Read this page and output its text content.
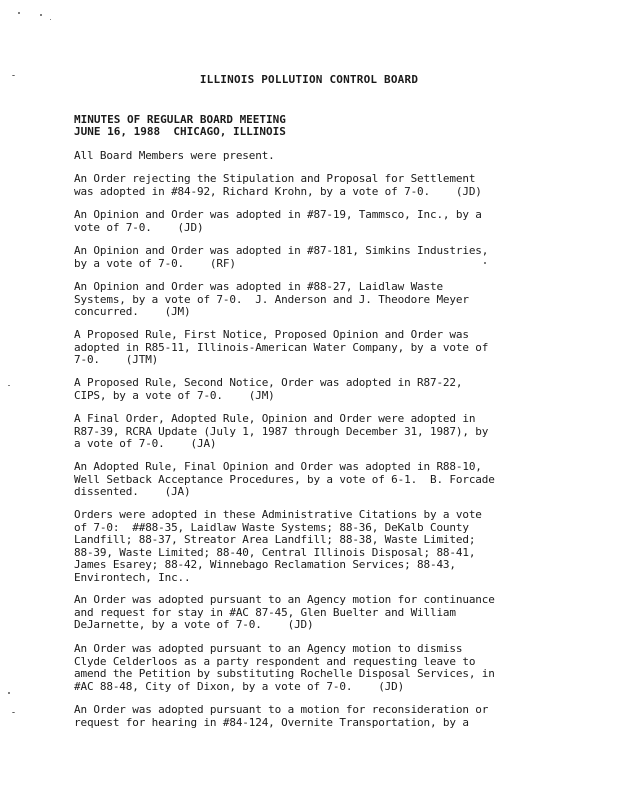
ILLINOIS POLLUTION CONTROL BOARD
MINUTES OF REGULAR BOARD MEETING
JUNE 16, 1988  CHICAGO, ILLINOIS
All Board Members were present.
An Order rejecting the Stipulation and Proposal for Settlement
was adopted in #84-92, Richard Krohn, by a vote of 7-0.    (JD)
An Opinion and Order was adopted in #87-19, Tammsco, Inc., by a
vote of 7-0.    (JD)
An Opinion and Order was adopted in #87-181, Simkins Industries,
by a vote of 7-0.    (RF)
An Opinion and Order was adopted in #88-27, Laidlaw Waste
Systems, by a vote of 7-0.  J. Anderson and J. Theodore Meyer
concurred.    (JM)
A Proposed Rule, First Notice, Proposed Opinion and Order was
adopted in R85-11, Illinois-American Water Company, by a vote of
7-0.    (JTM)
A Proposed Rule, Second Notice, Order was adopted in R87-22,
CIPS, by a vote of 7-0.    (JM)
A Final Order, Adopted Rule, Opinion and Order were adopted in
R87-39, RCRA Update (July 1, 1987 through December 31, 1987), by
a vote of 7-0.    (JA)
An Adopted Rule, Final Opinion and Order was adopted in R88-10,
Well Setback Acceptance Procedures, by a vote of 6-1.  B. Forcade
dissented.    (JA)
Orders were adopted in these Administrative Citations by a vote
of 7-0:  ##88-35, Laidlaw Waste Systems; 88-36, DeKalb County
Landfill; 88-37, Streator Area Landfill; 88-38, Waste Limited;
88-39, Waste Limited; 88-40, Central Illinois Disposal; 88-41,
James Esarey; 88-42, Winnebago Reclamation Services; 88-43,
Environtech, Inc..
An Order was adopted pursuant to an Agency motion for continuance
and request for stay in #AC 87-45, Glen Buelter and William
DeJarnette, by a vote of 7-0.    (JD)
An Order was adopted pursuant to an Agency motion to dismiss
Clyde Celderloos as a party respondent and requesting leave to
amend the Petition by substituting Rochelle Disposal Services, in
#AC 88-48, City of Dixon, by a vote of 7-0.    (JD)
An Order was adopted pursuant to a motion for reconsideration or
request for hearing in #84-124, Overnite Transportation, by a
